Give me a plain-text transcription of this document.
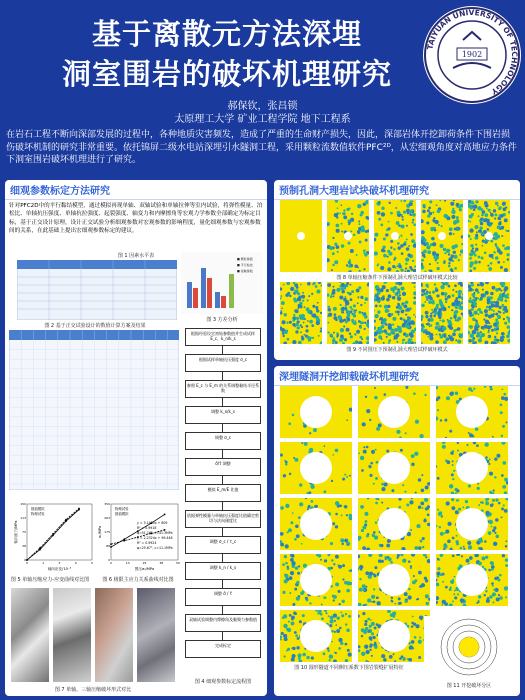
基于离散元方法深埋
洞室围岩的破坏机理研究
TAIYUAN UNIVERSITY OF TECHNOLOGY
1902
郝保钦，张昌锁
太原理工大学 矿业工程学院 地下工程系
在岩石工程不断向深部发展的过程中，各种地质灾害频发，造成了严重的生命财产损失，因此，深部岩体开挖卸荷条件下围岩损伤破坏机制的研究非常重要。依托锦屏二级水电站深埋引水隧洞工程，采用颗粒流数值软件PFC²ᴰ，从宏细观角度对高地应力条件下洞室围岩破坏机理进行了研究。
细观参数标定方法研究
针对PFC2D中的平行黏结模型，通过模拟再现单轴、双轴试验和单轴拉伸等室内试验，将弹性模量、泊松比、单轴抗压强度、单轴抗拉强度、起裂强度、轴变力和内摩擦角等宏观力学参数全部确定为标定目标，基于正交设计原理，设计正交试验分析细观参数对宏观参数的影响程度，量化细观参数与宏观参数间的关系，在此基础上提出宏细观参数标定的建议。
图 1 因素水平表	■ 颗粒参数
■ 平行粘结
■ 接触参数
图 3 方差分析
图 2 基于正交试验设计的数值计算方案及结果
根据经验设定初始参数值并生成试样 E_c、k_n/k_s
根据试样单轴抗压强度 σ_c
参照 E_c 与 E_m 的关系调整黏结半径系数
调整 k_n/k_s
调整 σ_c
σ̄/τ̄ 调整
模拟 E_m/E 比值
依据弹性模量与单轴抗压强度比值确定剪切与法向刚度比
调整 σ_c / τ_c
调整 k_n / k_s
调整 σ̄ / τ̄
双轴试验调整内摩擦角及黏聚力参数值
完成标定
图 4 细观参数标定流程图
数值模拟
物理试验
轴向应变/10⁻³
轴向应力/MPa
0
0
1
38
3
75
4
113
5
150
图 5 单轴压缩应力-应变曲线对比图
物理试验
数值模拟
围压σ₃/MPa
σ₁/MPa
0
0
13
88
25
175
38
263
50
350
y = 5.1485x + 809
R² = 0.9918
φ=51.16°, c=41.3MPa
y = 2.2324x + 99.446
R² = 0.9924
φ=25.67°, c=11.1MPa
图 6 极限主应力关系曲线对比图
图 7 单轴、三轴压缩破坏形式对比
预制孔洞大理岩试块破坏机理研究
图 8 单轴压缩条件下预制孔洞大理岩试样破坏模式比较
图 9 不同围压下预制孔洞大理岩试样破坏模式
深埋隧洞开挖卸载破坏机理研究
图 10 圆形隧道不同侧压系数下围岩裂缝扩展特征
图 11 开挖破坏分区
